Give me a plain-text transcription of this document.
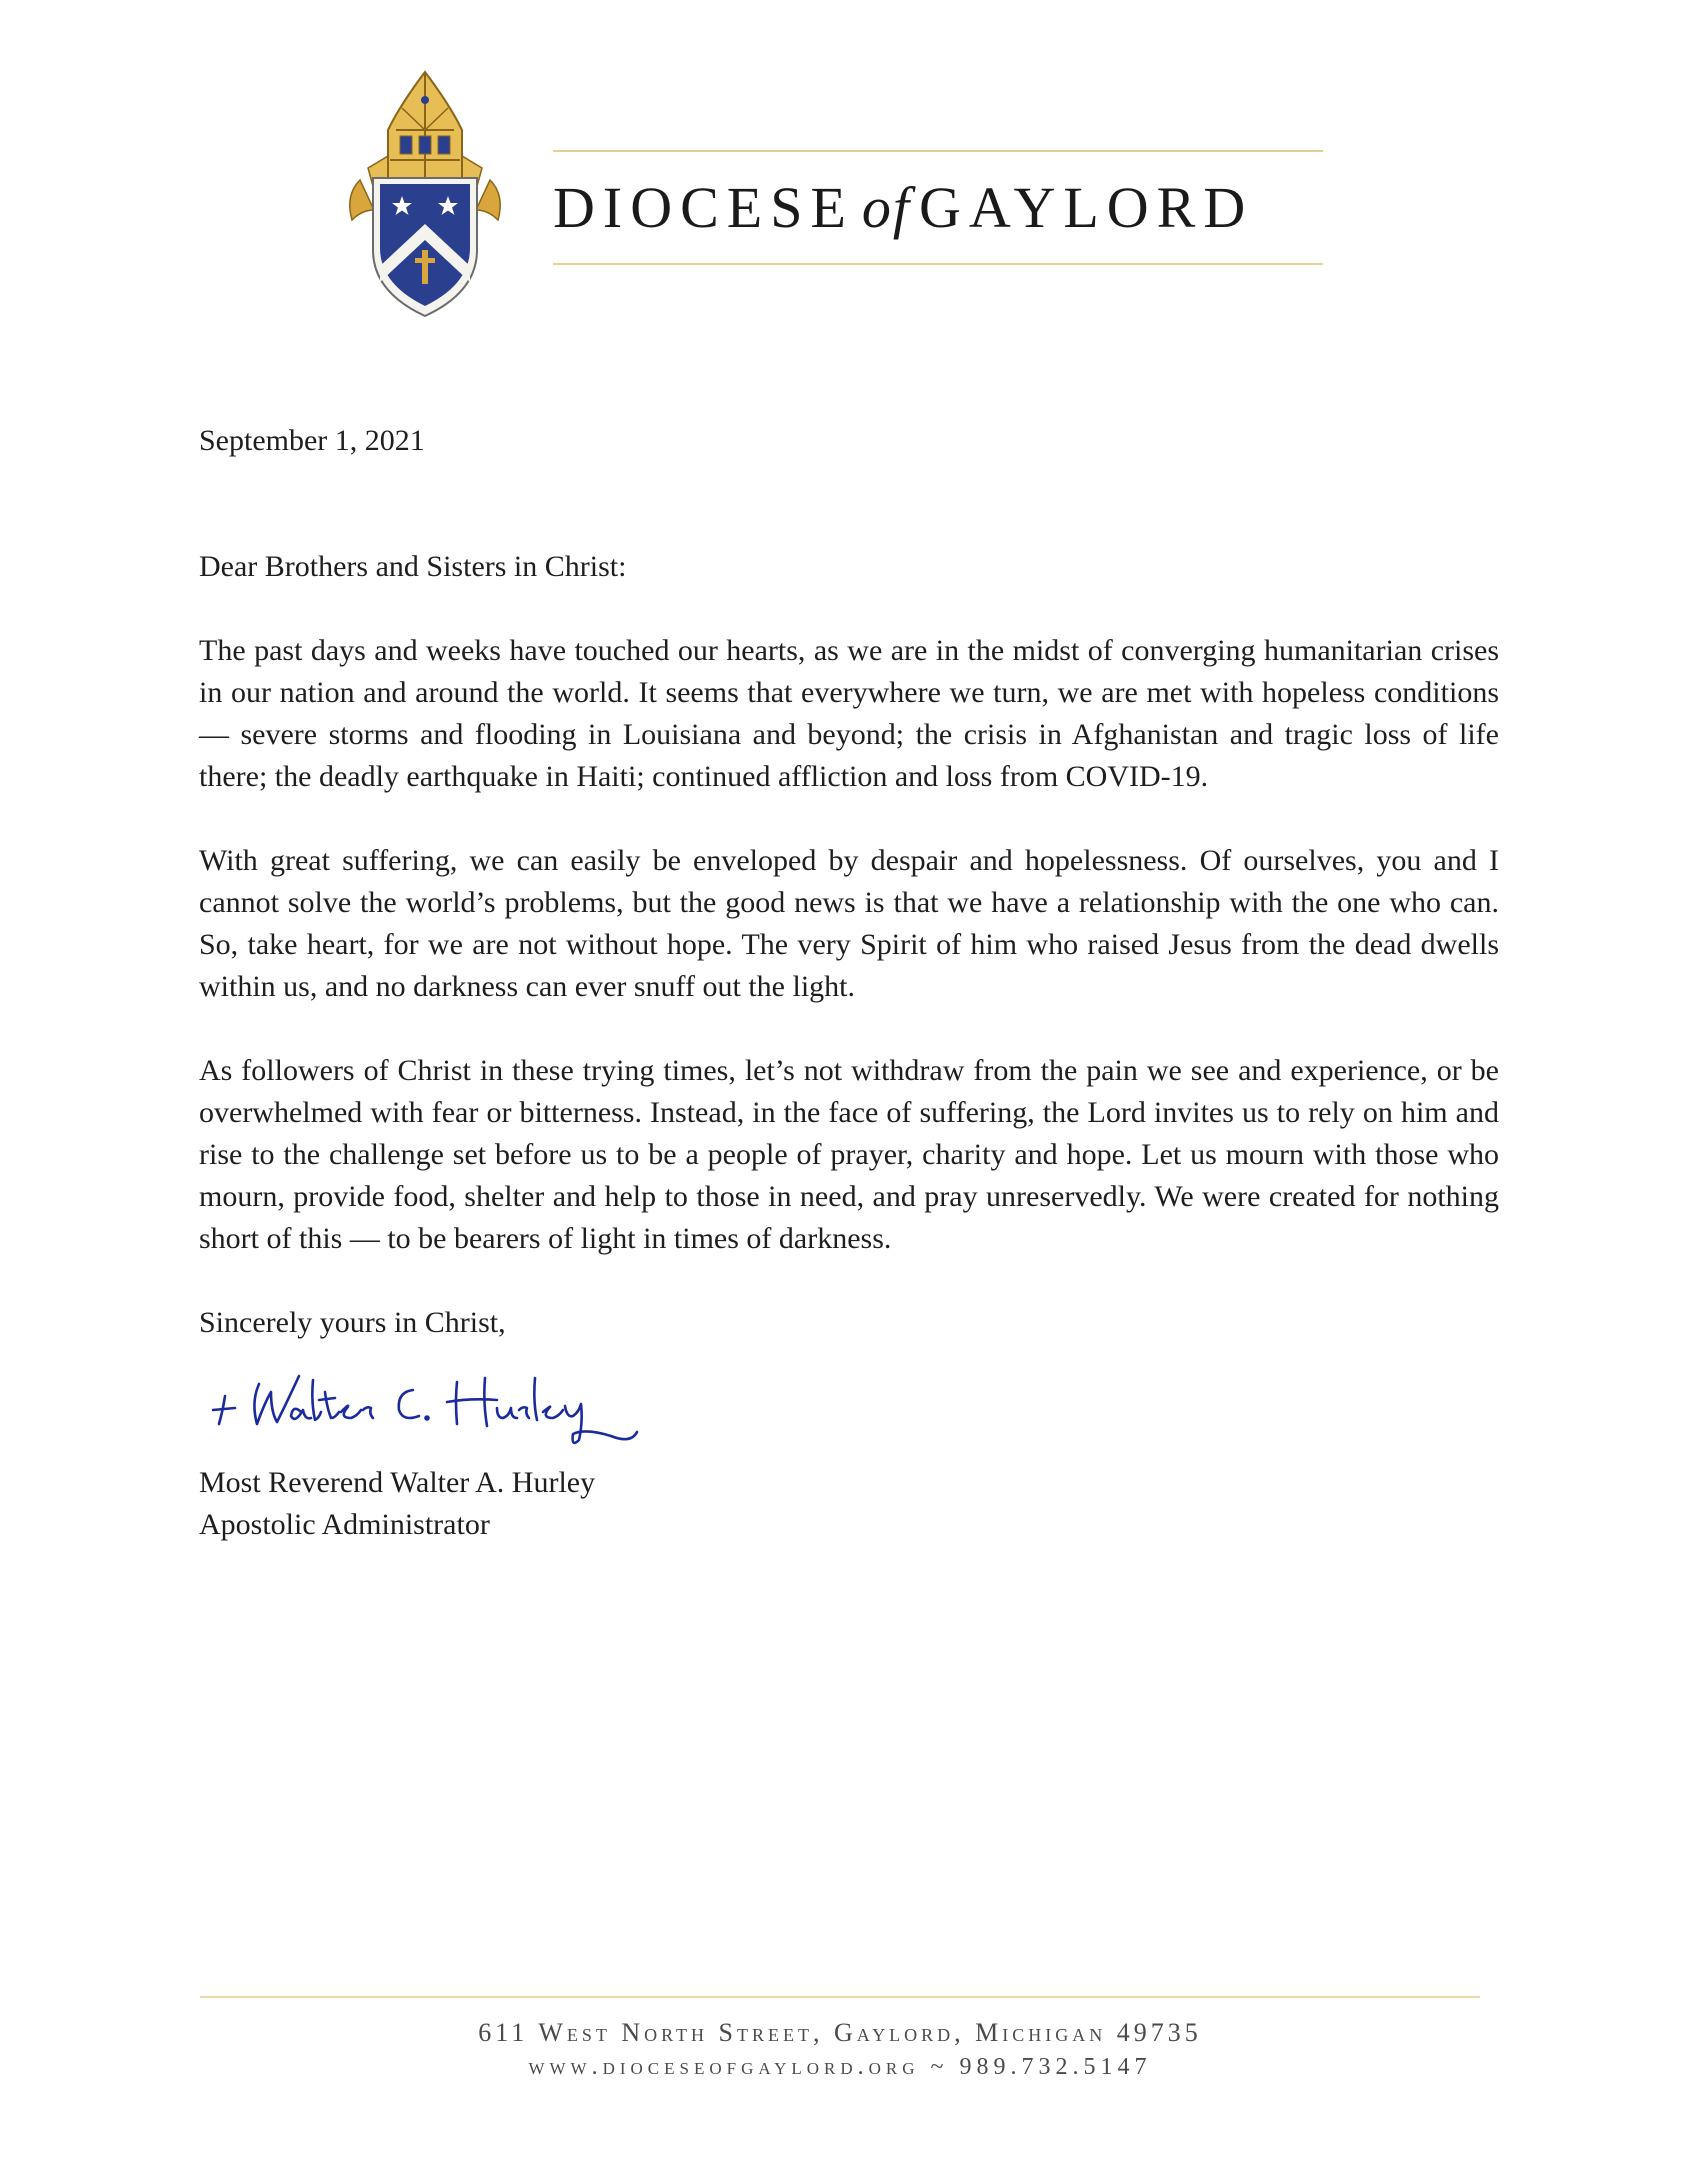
DIOCESE of GAYLORD

September 1, 2021

Dear Brothers and Sisters in Christ:

The past days and weeks have touched our hearts, as we are in the midst of converging humanitarian crises in our nation and around the world. It seems that everywhere we turn, we are met with hopeless conditions — severe storms and flooding in Louisiana and beyond; the crisis in Afghanistan and tragic loss of life there; the deadly earthquake in Haiti; continued affliction and loss from COVID-19.

With great suffering, we can easily be enveloped by despair and hopelessness. Of ourselves, you and I cannot solve the world’s problems, but the good news is that we have a relationship with the one who can. So, take heart, for we are not without hope. The very Spirit of him who raised Jesus from the dead dwells within us, and no darkness can ever snuff out the light.

As followers of Christ in these trying times, let’s not withdraw from the pain we see and experience, or be overwhelmed with fear or bitterness. Instead, in the face of suffering, the Lord invites us to rely on him and rise to the challenge set before us to be a people of prayer, charity and hope. Let us mourn with those who mourn, provide food, shelter and help to those in need, and pray unreservedly. We were created for nothing short of this — to be bearers of light in times of darkness.

Sincerely yours in Christ,

Most Reverend Walter A. Hurley

Apostolic Administrator

611 West North Street, Gaylord, Michigan 49735
www.dioceseofgaylord.org ~ 989.732.5147
